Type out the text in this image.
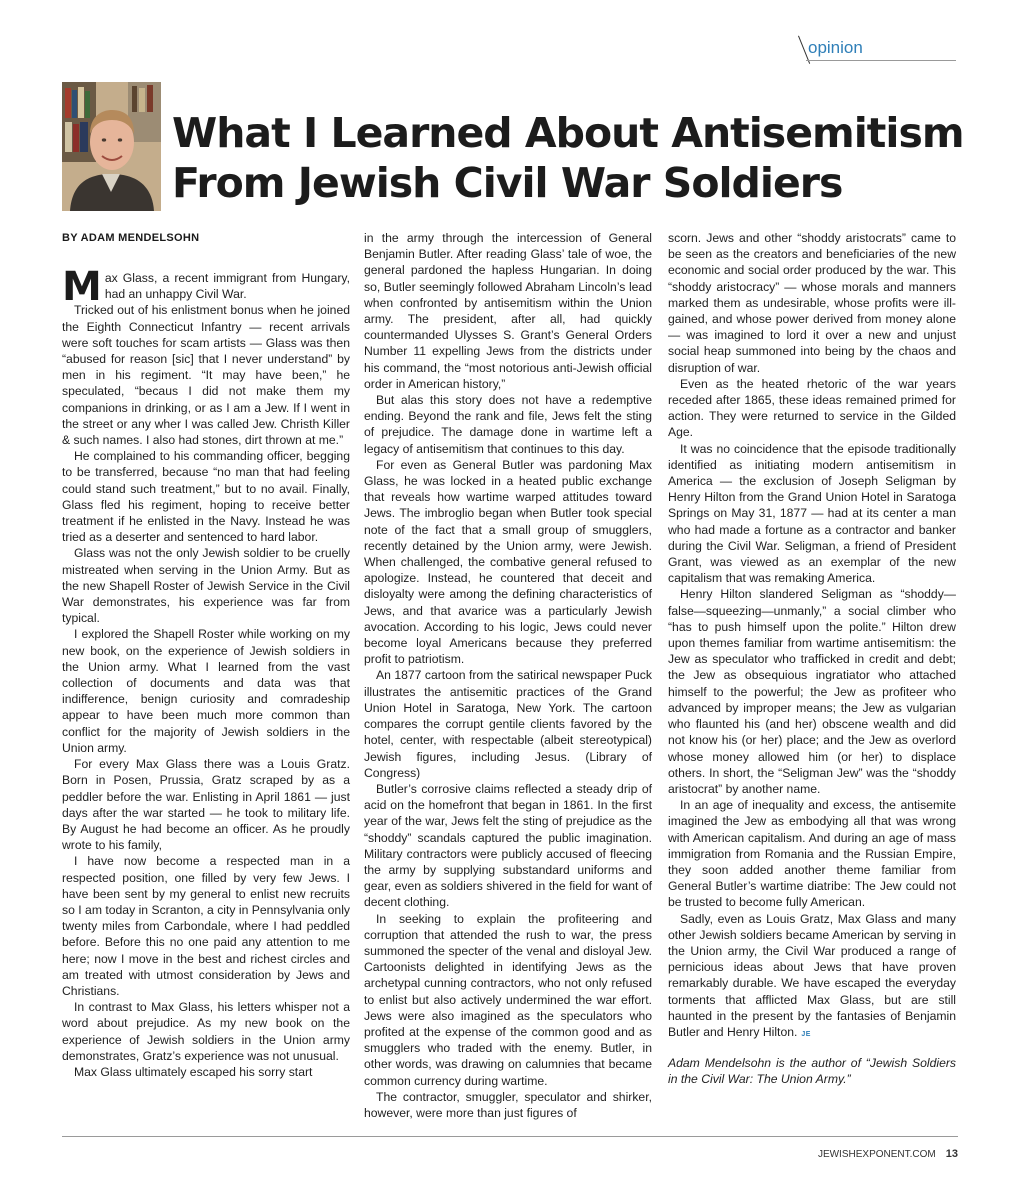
opinion
What I Learned About Antisemitism
From Jewish Civil War Soldiers
BY ADAM MENDELSOHN

Max Glass, a recent immigrant from Hungary, had an unhappy Civil War.

Tricked out of his enlistment bonus when he joined the Eighth Connecticut Infantry — recent arrivals were soft touches for scam artists — Glass was then “abused for reason [sic] that I never understand” by men in his regiment. “It may have been,” he speculated, “becaus I did not make them my companions in drinking, or as I am a Jew. If I went in the street or any wher I was called Jew. Christh Killer & such names. I also had stones, dirt thrown at me.”

He complained to his commanding officer, begging to be transferred, because “no man that had feeling could stand such treatment,” but to no avail. Finally, Glass fled his regiment, hoping to receive better treatment if he enlisted in the Navy. Instead he was tried as a deserter and sentenced to hard labor.

Glass was not the only Jewish soldier to be cruelly mistreated when serving in the Union Army. But as the new Shapell Roster of Jewish Service in the Civil War demonstrates, his experience was far from typical.

I explored the Shapell Roster while working on my new book, on the experience of Jewish soldiers in the Union army. What I learned from the vast collection of documents and data was that indifference, benign curiosity and comradeship appear to have been much more common than conflict for the majority of Jewish soldiers in the Union army.

For every Max Glass there was a Louis Gratz. Born in Posen, Prussia, Gratz scraped by as a peddler before the war. Enlisting in April 1861 — just days after the war started — he took to military life. By August he had become an officer. As he proudly wrote to his family,

I have now become a respected man in a respected position, one filled by very few Jews. I have been sent by my general to enlist new recruits so I am today in Scranton, a city in Pennsylvania only twenty miles from Carbondale, where I had peddled before. Before this no one paid any attention to me here; now I move in the best and richest circles and am treated with utmost consideration by Jews and Christians.

In contrast to Max Glass, his letters whisper not a word about prejudice. As my new book on the experience of Jewish soldiers in the Union army demonstrates, Gratz’s experience was not unusual.

Max Glass ultimately escaped his sorry start

in the army through the intercession of General Benjamin Butler. After reading Glass’ tale of woe, the general pardoned the hapless Hungarian. In doing so, Butler seemingly followed Abraham Lincoln’s lead when confronted by antisemitism within the Union army. The president, after all, had quickly countermanded Ulysses S. Grant’s General Orders Number 11 expelling Jews from the districts under his command, the “most notorious anti-Jewish official order in American history,”

But alas this story does not have a redemptive ending. Beyond the rank and file, Jews felt the sting of prejudice. The damage done in wartime left a legacy of antisemitism that continues to this day.

For even as General Butler was pardoning Max Glass, he was locked in a heated public exchange that reveals how wartime warped attitudes toward Jews. The imbroglio began when Butler took special note of the fact that a small group of smugglers, recently detained by the Union army, were Jewish. When challenged, the combative general refused to apologize. Instead, he countered that deceit and disloyalty were among the defining characteristics of Jews, and that avarice was a particularly Jewish avocation. According to his logic, Jews could never become loyal Americans because they preferred profit to patriotism.

An 1877 cartoon from the satirical newspaper Puck illustrates the antisemitic practices of the Grand Union Hotel in Saratoga, New York. The cartoon compares the corrupt gentile clients favored by the hotel, center, with respectable (albeit stereotypical) Jewish figures, including Jesus. (Library of Congress)

Butler’s corrosive claims reflected a steady drip of acid on the homefront that began in 1861. In the first year of the war, Jews felt the sting of prejudice as the “shoddy” scandals captured the public imagination. Military contractors were publicly accused of fleecing the army by supplying substandard uniforms and gear, even as soldiers shivered in the field for want of decent clothing.

In seeking to explain the profiteering and corruption that attended the rush to war, the press summoned the specter of the venal and disloyal Jew. Cartoonists delighted in identifying Jews as the archetypal cunning contractors, who not only refused to enlist but also actively undermined the war effort. Jews were also imagined as the speculators who profited at the expense of the common good and as smugglers who traded with the enemy. Butler, in other words, was drawing on calumnies that became common currency during wartime.

The contractor, smuggler, speculator and shirker, however, were more than just figures of

scorn. Jews and other “shoddy aristocrats” came to be seen as the creators and beneficiaries of the new economic and social order produced by the war. This “shoddy aristocracy” — whose morals and manners marked them as undesirable, whose profits were ill-gained, and whose power derived from money alone — was imagined to lord it over a new and unjust social heap summoned into being by the chaos and disruption of war.

Even as the heated rhetoric of the war years receded after 1865, these ideas remained primed for action. They were returned to service in the Gilded Age.

It was no coincidence that the episode traditionally identified as initiating modern antisemitism in America — the exclusion of Joseph Seligman by Henry Hilton from the Grand Union Hotel in Saratoga Springs on May 31, 1877 — had at its center a man who had made a fortune as a contractor and banker during the Civil War. Seligman, a friend of President Grant, was viewed as an exemplar of the new capitalism that was remaking America.

Henry Hilton slandered Seligman as “shoddy—false—squeezing—unmanly,” a social climber who “has to push himself upon the polite.” Hilton drew upon themes familiar from wartime antisemitism: the Jew as speculator who trafficked in credit and debt; the Jew as obsequious ingratiator who attached himself to the powerful; the Jew as profiteer who advanced by improper means; the Jew as vulgarian who flaunted his (and her) obscene wealth and did not know his (or her) place; and the Jew as overlord whose money allowed him (or her) to displace others. In short, the “Seligman Jew” was the “shoddy aristocrat” by another name.

In an age of inequality and excess, the antisemite imagined the Jew as embodying all that was wrong with American capitalism. And during an age of mass immigration from Romania and the Russian Empire, they soon added another theme familiar from General Butler’s wartime diatribe: The Jew could not be trusted to become fully American.

Sadly, even as Louis Gratz, Max Glass and many other Jewish soldiers became American by serving in the Union army, the Civil War produced a range of pernicious ideas about Jews that have proven remarkably durable. We have escaped the everyday torments that afflicted Max Glass, but are still haunted in the present by the fantasies of Benjamin Butler and Henry Hilton. JE

Adam Mendelsohn is the author of “Jewish Soldiers in the Civil War: The Union Army.”

JEWISHEXPONENT.COM 13
